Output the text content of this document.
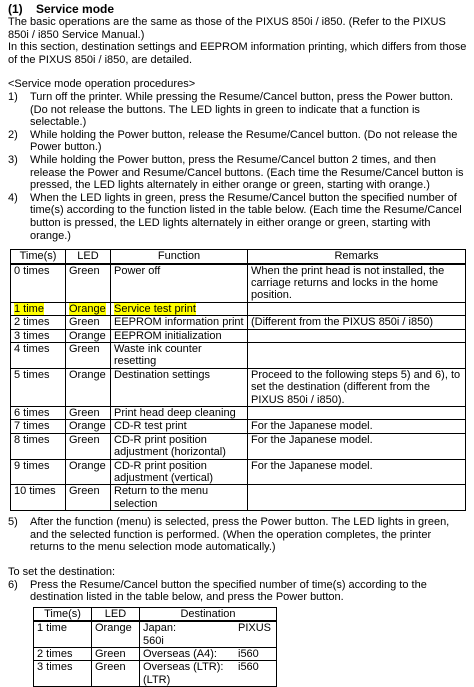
(1) Service mode

The basic operations are the same as those of the PIXUS 850i / i850. (Refer to the PIXUS 850i / i850 Service Manual.)

In this section, destination settings and EEPROM information printing, which differs from those of the PIXUS 850i / i850, are detailed.

<Service mode operation procedures>

1)	Turn off the printer. While pressing the Resume/Cancel button, press the Power button. (Do not release the buttons. The LED lights in green to indicate that a function is selectable.)
2)	While holding the Power button, release the Resume/Cancel button. (Do not release the Power button.)
3)	While holding the Power button, press the Resume/Cancel button 2 times, and then release the Power and Resume/Cancel buttons. (Each time the Resume/Cancel button is pressed, the LED lights alternately in either orange or green, starting with orange.)
4)	When the LED lights in green, press the Resume/Cancel button the specified number of time(s) according to the function listed in the table below. (Each time the Resume/Cancel button is pressed, the LED lights alternately in either orange or green, starting with orange.)
Time(s)	LED	Function	Remarks
0 times	Green	Power off	When the print head is not installed, the carriage returns and locks in the home position.
1 time	Orange	Service test print	
2 times	Green	EEPROM information print	(Different from the PIXUS 850i / i850)
3 times	Orange	EEPROM initialization	
4 times	Green	Waste ink counter resetting	
5 times	Orange	Destination settings	Proceed to the following steps 5) and 6), to set the destination (different from the PIXUS 850i / i850).
6 times	Green	Print head deep cleaning	
7 times	Orange	CD-R test print	For the Japanese model.
8 times	Green	CD-R print position adjustment (horizontal)	For the Japanese model.
9 times	Orange	CD-R print position adjustment (vertical)	For the Japanese model.
10 times	Green	Return to the menu selection	
5)	After the function (menu) is selected, press the Power button. The LED lights in green, and the selected function is performed. (When the operation completes, the printer returns to the menu selection mode automatically.)

To set the destination:

6)	Press the Resume/Cancel button the specified number of time(s) according to the destination listed in the table below, and press the Power button.
Time(s)	LED	Destination
1 time	Orange	Japan: PIXUS 560i
2 times	Green	Overseas (A4): i560
3 times	Green	Overseas (LTR): i560 (LTR)
